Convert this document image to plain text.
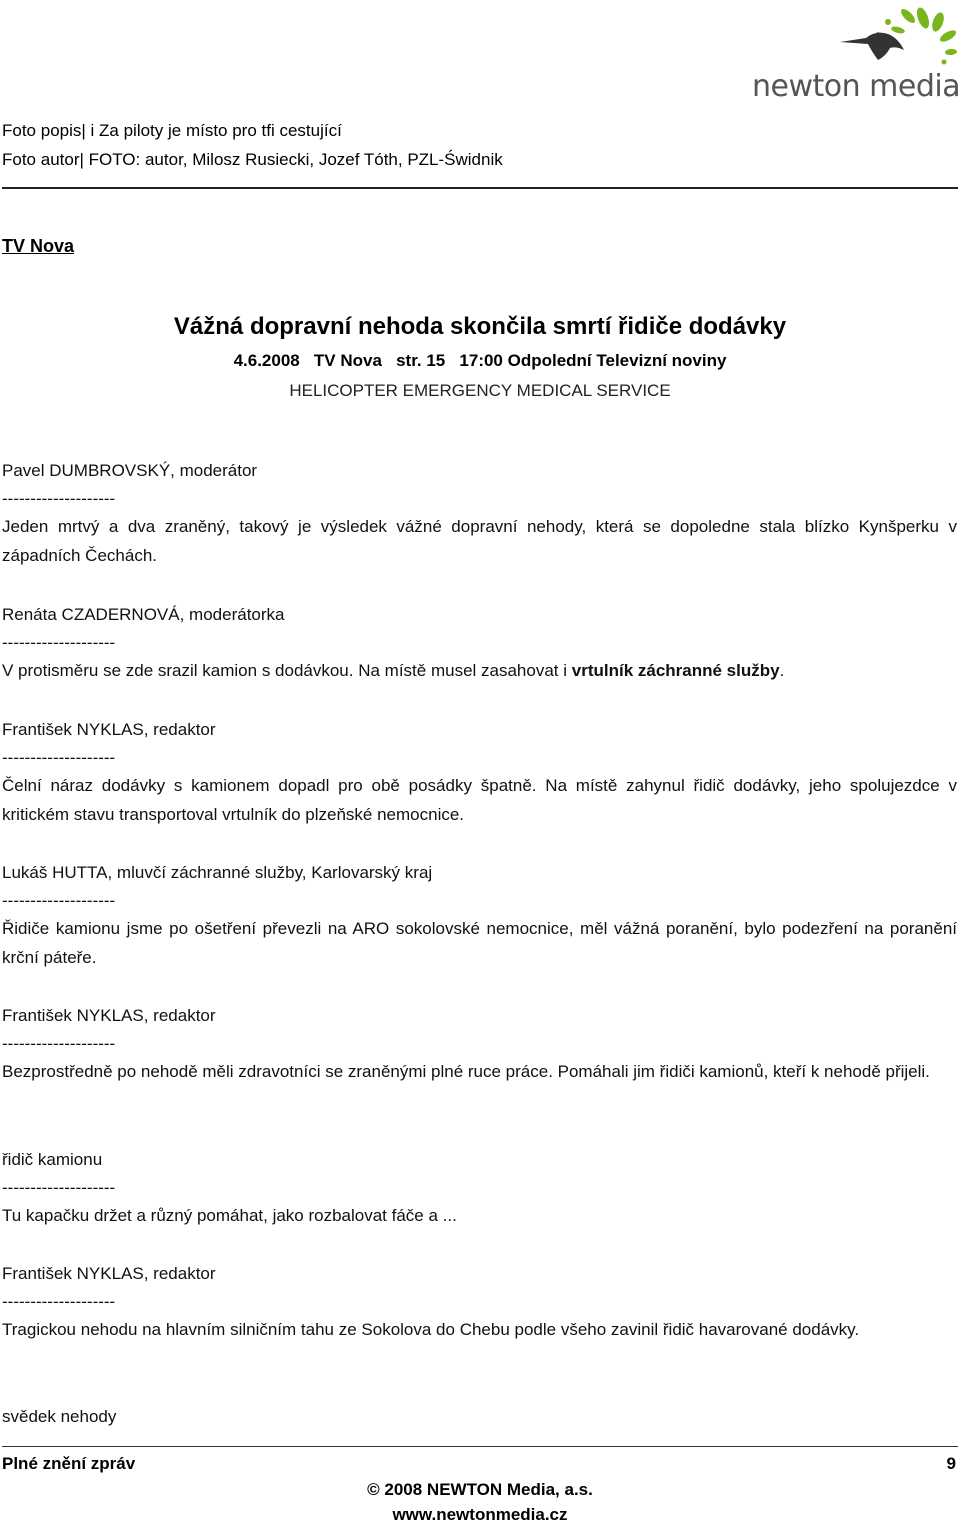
newton media
Foto popis| i Za piloty je místo pro tfi cestující
Foto autor| FOTO: autor, Milosz Rusiecki, Jozef Tóth, PZL-Świdnik
TV Nova
Vážná dopravní nehoda skončila smrtí řidiče dodávky
4.6.2008   TV Nova   str. 15   17:00 Odpolední Televizní noviny
HELICOPTER EMERGENCY MEDICAL SERVICE
Pavel DUMBROVSKÝ, moderátor
--------------------
Jeden mrtvý a dva zraněný, takový je výsledek vážné dopravní nehody, která se dopoledne stala blízko Kynšperku v západních Čechách.
Renáta CZADERNOVÁ, moderátorka
--------------------
V protisměru se zde srazil kamion s dodávkou. Na místě musel zasahovat i vrtulník záchranné služby.
František NYKLAS, redaktor
--------------------
Čelní náraz dodávky s kamionem dopadl pro obě posádky špatně. Na místě zahynul řidič dodávky, jeho spolujezdce v kritickém stavu transportoval vrtulník do plzeňské nemocnice.
Lukáš HUTTA, mluvčí záchranné služby, Karlovarský kraj
--------------------
Řidiče kamionu jsme po ošetření převezli na ARO sokolovské nemocnice, měl vážná poranění, bylo podezření na poranění krční páteře.
František NYKLAS, redaktor
--------------------
Bezprostředně po nehodě měli zdravotníci se zraněnými plné ruce práce. Pomáhali jim řidiči kamionů, kteří k nehodě přijeli.
řidič kamionu
--------------------
Tu kapačku držet a různý pomáhat, jako rozbalovat fáče a ...
František NYKLAS, redaktor
--------------------
Tragickou nehodu na hlavním silničním tahu ze Sokolova do Chebu podle všeho zavinil řidič havarované dodávky.
svědek nehody
Plné znění zpráv	9
© 2008 NEWTON Media, a.s.
www.newtonmedia.cz
